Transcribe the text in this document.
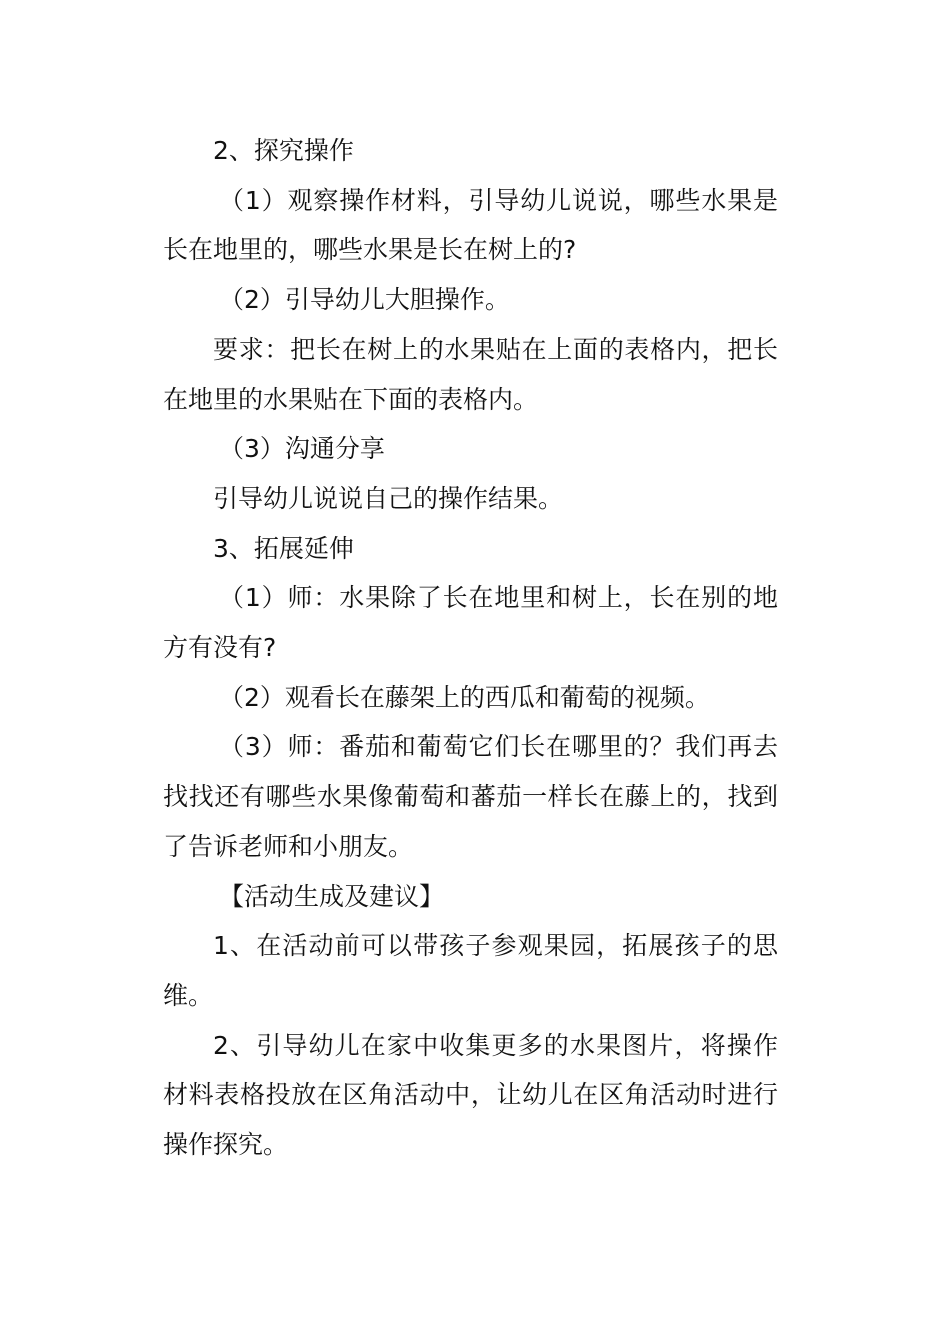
2、探究操作

（1）观察操作材料，引导幼儿说说，哪些水果是长在地里的，哪些水果是长在树上的?

（2）引导幼儿大胆操作。

要求：把长在树上的水果贴在上面的表格内，把长在地里的水果贴在下面的表格内。

（3）沟通分享

引导幼儿说说自己的操作结果。

3、拓展延伸

（1）师：水果除了长在地里和树上，长在别的地方有没有?

（2）观看长在藤架上的西瓜和葡萄的视频。

（3）师：番茄和葡萄它们长在哪里的？我们再去找找还有哪些水果像葡萄和蕃茄一样长在藤上的，找到了告诉老师和小朋友。

【活动生成及建议】

1、在活动前可以带孩子参观果园，拓展孩子的思维。

2、引导幼儿在家中收集更多的水果图片，将操作材料表格投放在区角活动中，让幼儿在区角活动时进行操作探究。
